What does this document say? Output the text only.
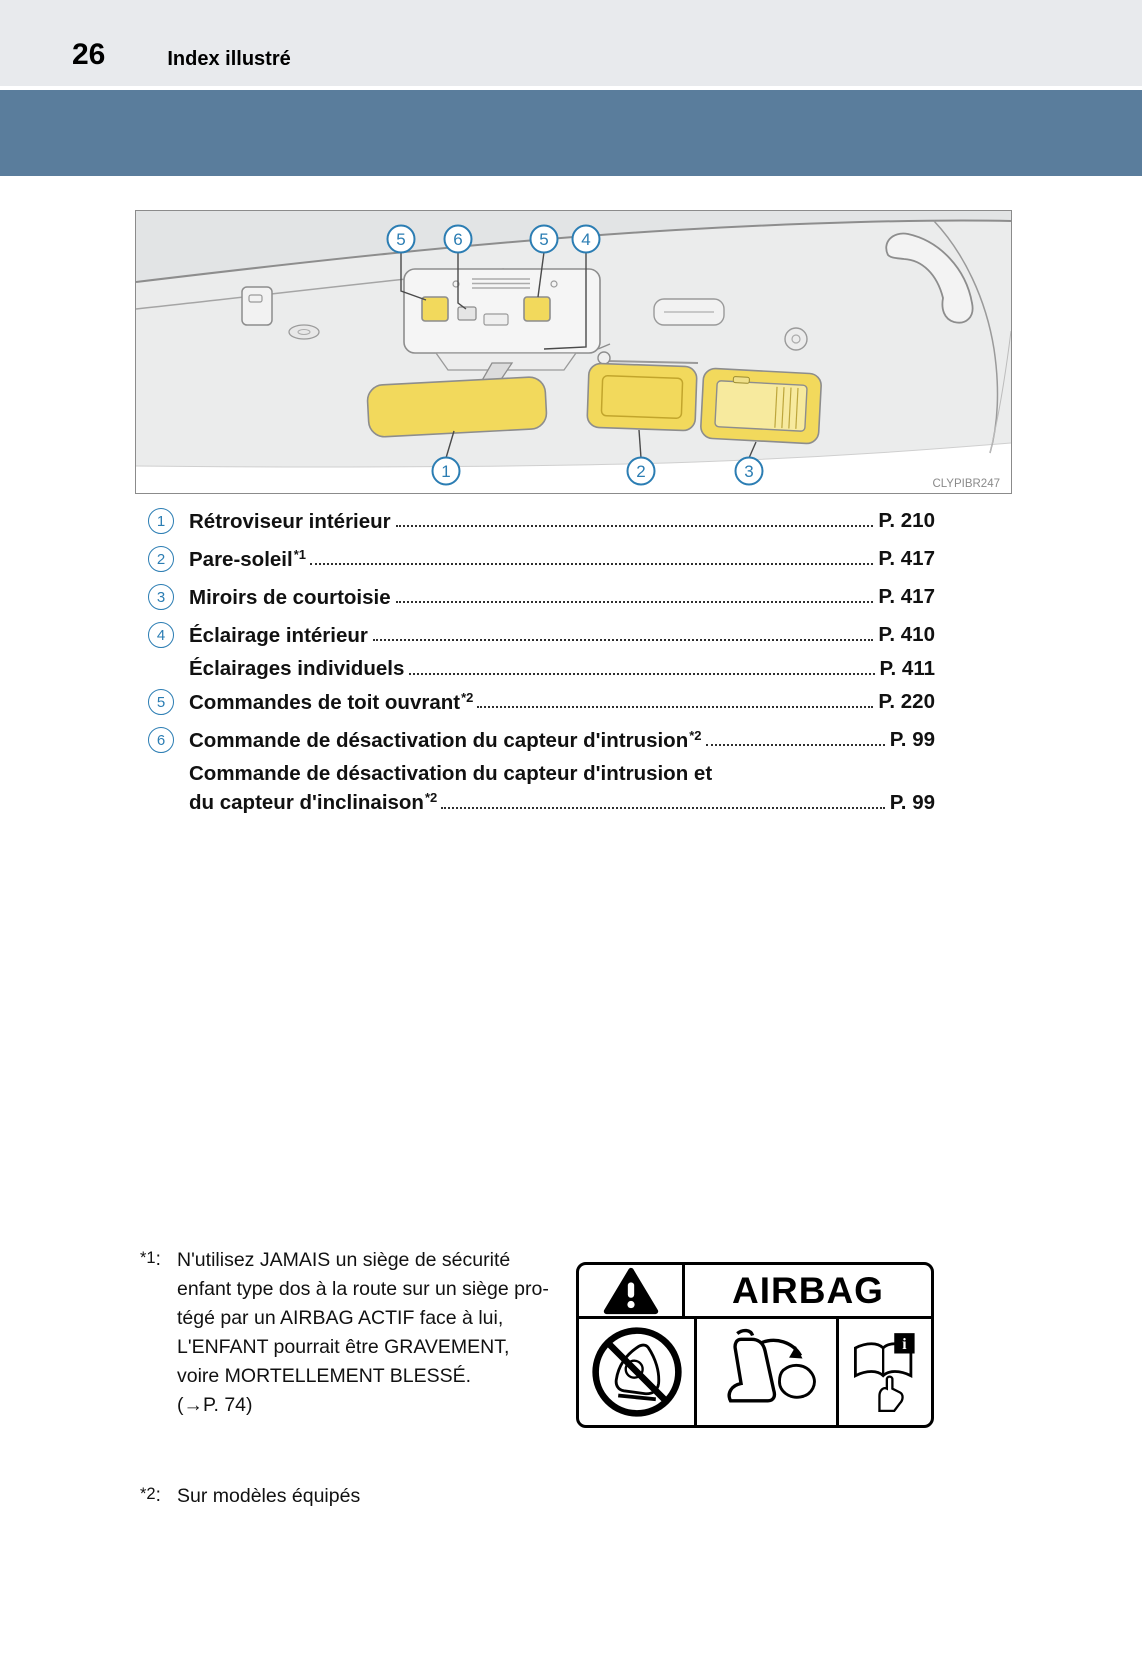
26	Index illustré
5	6	5 4
1	2	3
CLYPIBR247
1	Rétroviseur intérieur	P. 210
2	Pare-soleil$^{*1}$	P. 417
3	Miroirs de courtoisie	P. 417
4	Éclairage intérieur	P. 410
Éclairages individuels	P. 411
5	Commandes de toit ouvrant$^{*2}$	P. 220
6	Commande de désactivation du capteur d'intrusion$^{*2}$	P. 99
Commande de désactivation du capteur d'intrusion et
du capteur d'inclinaison$^{*2}$	P. 99
*1 : N'utilisez JAMAIS un siège de sécurité
enfant type dos à la route sur un siège pro-
tégé par un AIRBAG ACTIF face à lui,
L'ENFANT pourrait être GRAVEMENT,
voire MORTELLEMENT BLESSÉ.
(→P. 74)
AIRBAG
i
*2 : Sur modèles équipés
